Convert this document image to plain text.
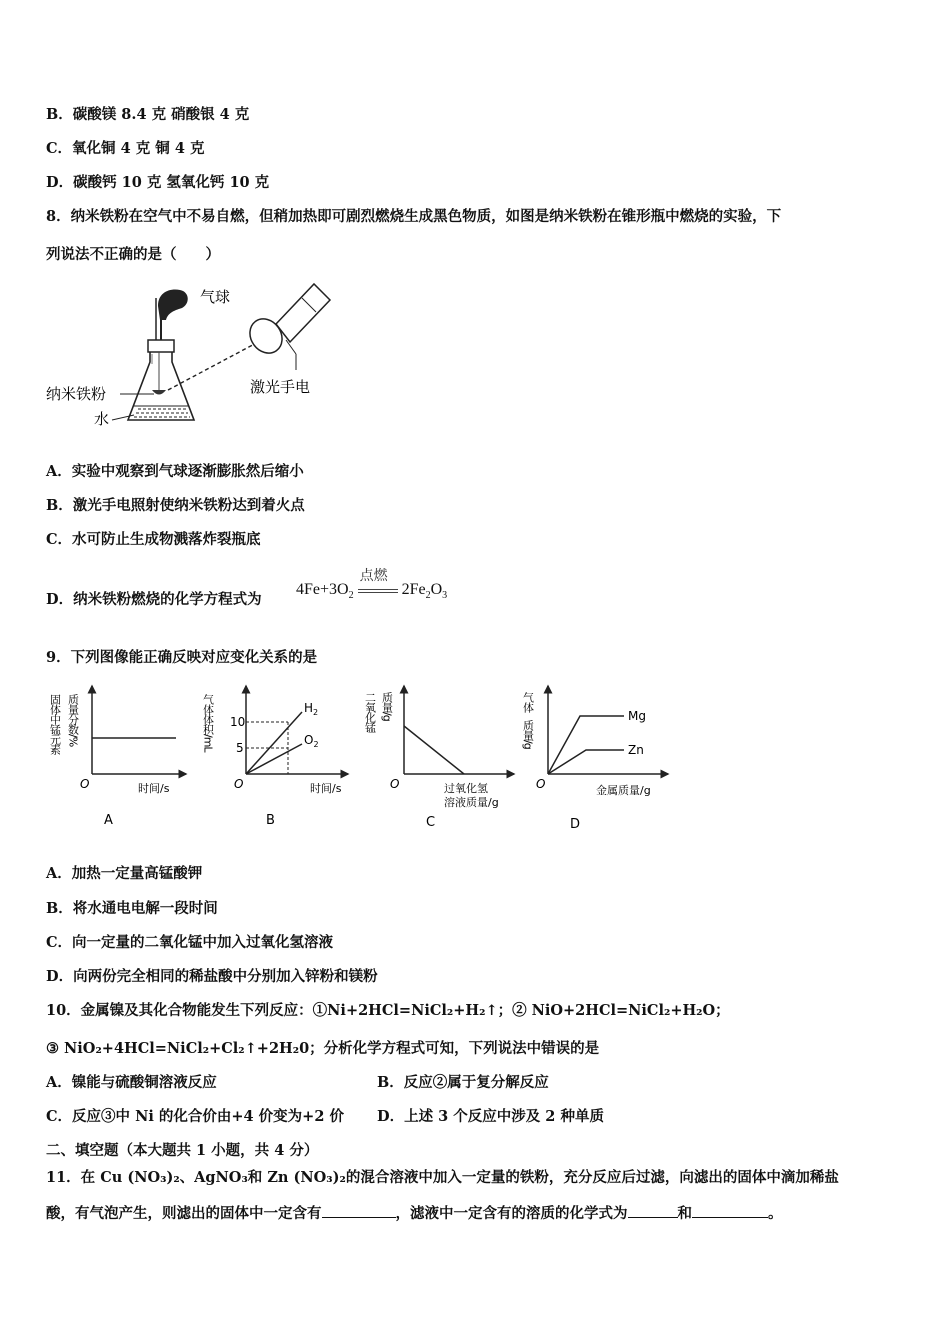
B．碳酸镁 8.4 克 硝酸银 4 克
C．氧化铜 4 克 铜 4 克
D．碳酸钙 10 克 氢氧化钙 10 克
8．纳米铁粉在空气中不易自燃，但稍加热即可剧烈燃烧生成黑色物质，如图是纳米铁粉在锥形瓶中燃烧的实验，下
列说法不正确的是（　　）
气球
激光手电
纳米铁粉
水
A．实验中观察到气球逐渐膨胀然后缩小
B．激光手电照射使纳米铁粉达到着火点
C．水可防止生成物溅落炸裂瓶底
D．纳米铁粉燃烧的化学方程式为
$4Fe+3O_2$
点燃
$2Fe_2O_3$
9．下列图像能正确反映对应变化关系的是
固体中锰元素 质量分数/%
O	时间/s
A
气体体积/mL 10
5
$H_2$
$O_2$
O	时间/s
B
二氧化锰 质量/g
O	过氧化氢
溶液质量/g
C
气体
质量/g
Mg
Zn
O	金属质量/g
D
A．加热一定量高锰酸钾
B．将水通电电解一段时间
C．向一定量的二氧化锰中加入过氧化氢溶液
D．向两份完全相同的稀盐酸中分别加入锌粉和镁粉
10．金属镍及其化合物能发生下列反应：①Ni+2HCl=NiCl₂+H₂↑；② NiO+2HCl=NiCl₂+H₂O；
③ NiO₂+4HCl=NiCl₂+Cl₂↑+2H₂0；分析化学方程式可知，下列说法中错误的是
A．镍能与硫酸铜溶液反应	B．反应②属于复分解反应
C．反应③中 Ni 的化合价由+4 价变为+2 价 D．上述 3 个反应中涉及 2 种单质
二、填空题（本大题共 1 小题，共 4 分）
11．在 Cu (NO₃)₂、AgNO₃和 Zn (NO₃)₂的混合溶液中加入一定量的铁粉，充分反应后过滤，向滤出的固体中滴加稀盐
酸，有气泡产生，则滤出的固体中一定含有	，滤液中一定含有的溶质的化学式为	和	。
